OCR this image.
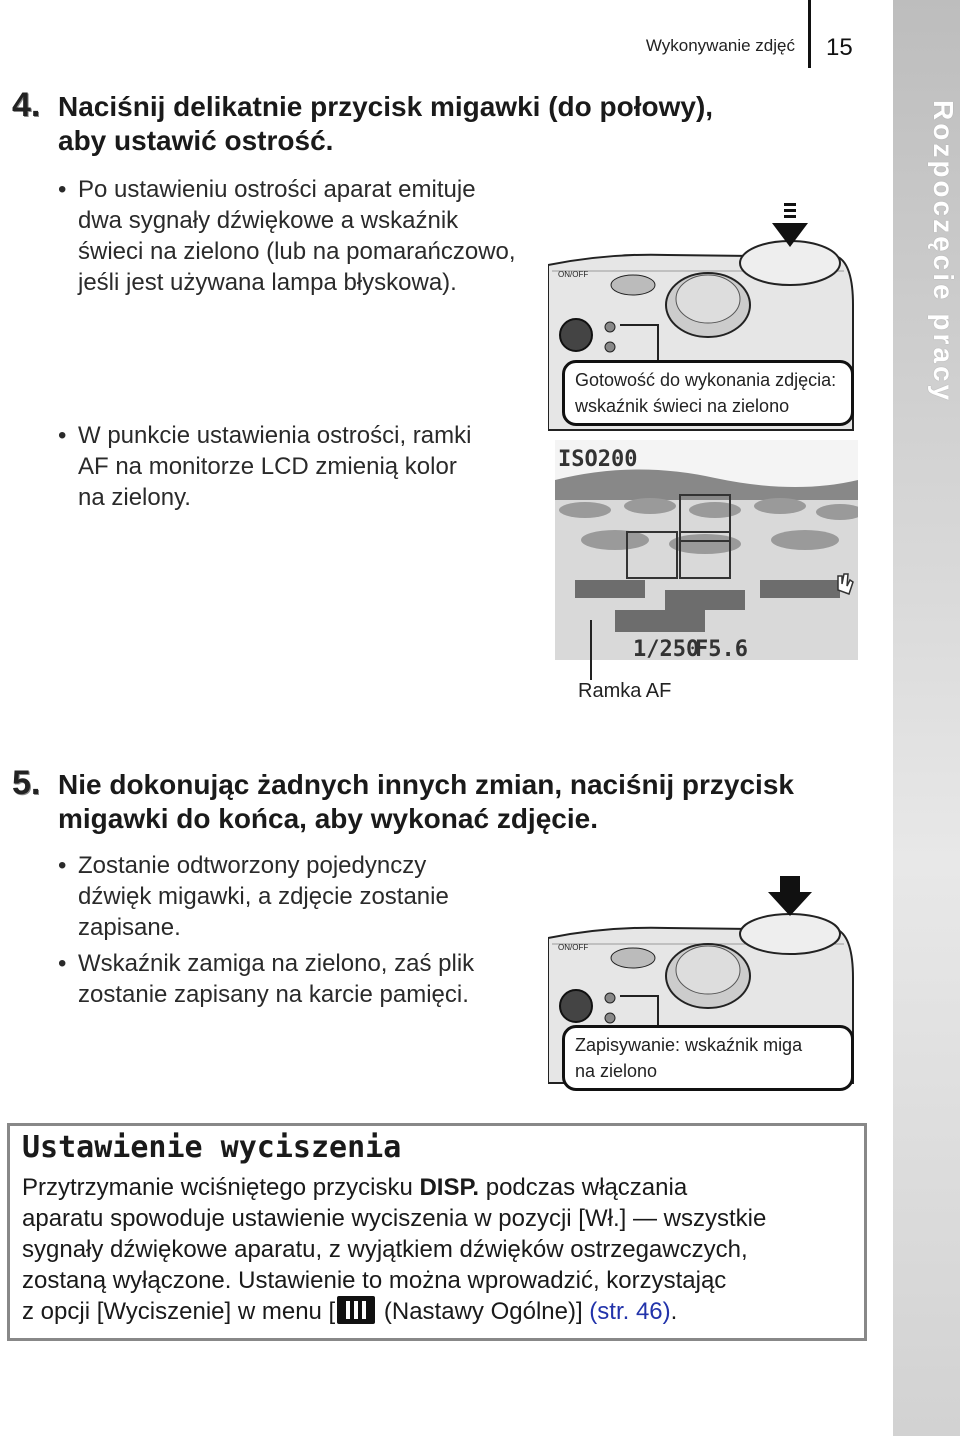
Wykonywanie zdjęć 15
Rozpoczęcie pracy
4. Naciśnij delikatnie przycisk migawki (do połowy),
aby ustawić ostrość.
• Po ustawieniu ostrości aparat emituje
dwa sygnały dźwiękowe a wskaźnik
świeci na zielono (lub na pomarańczowo,
jeśli jest używana lampa błyskowa).
• W punkcie ustawienia ostrości, ramki
AF na monitorze LCD zmienią kolor
na zielony.
ON/OFF
Gotowość do wykonania zdjęcia:
wskaźnik świeci na zielono
ISO200
1/250
F5.6
Ramka AF
5. Nie dokonując żadnych innych zmian, naciśnij przycisk
migawki do końca, aby wykonać zdjęcie.
• Zostanie odtworzony pojedynczy
dźwięk migawki, a zdjęcie zostanie
zapisane.
• Wskaźnik zamiga na zielono, zaś plik
zostanie zapisany na karcie pamięci.
ON/OFF
Zapisywanie: wskaźnik miga
na zielono
Ustawienie wyciszenia
Przytrzymanie wciśniętego przycisku DISP. podczas włączania
aparatu spowoduje ustawienie wyciszenia w pozycji [Wł.] — wszystkie
sygnały dźwiękowe aparatu, z wyjątkiem dźwięków ostrzegawczych,
zostaną wyłączone. Ustawienie to można wprowadzić, korzystając
z opcji [Wyciszenie] w menu [
(Nastawy Ogólne)] (str. 46).
